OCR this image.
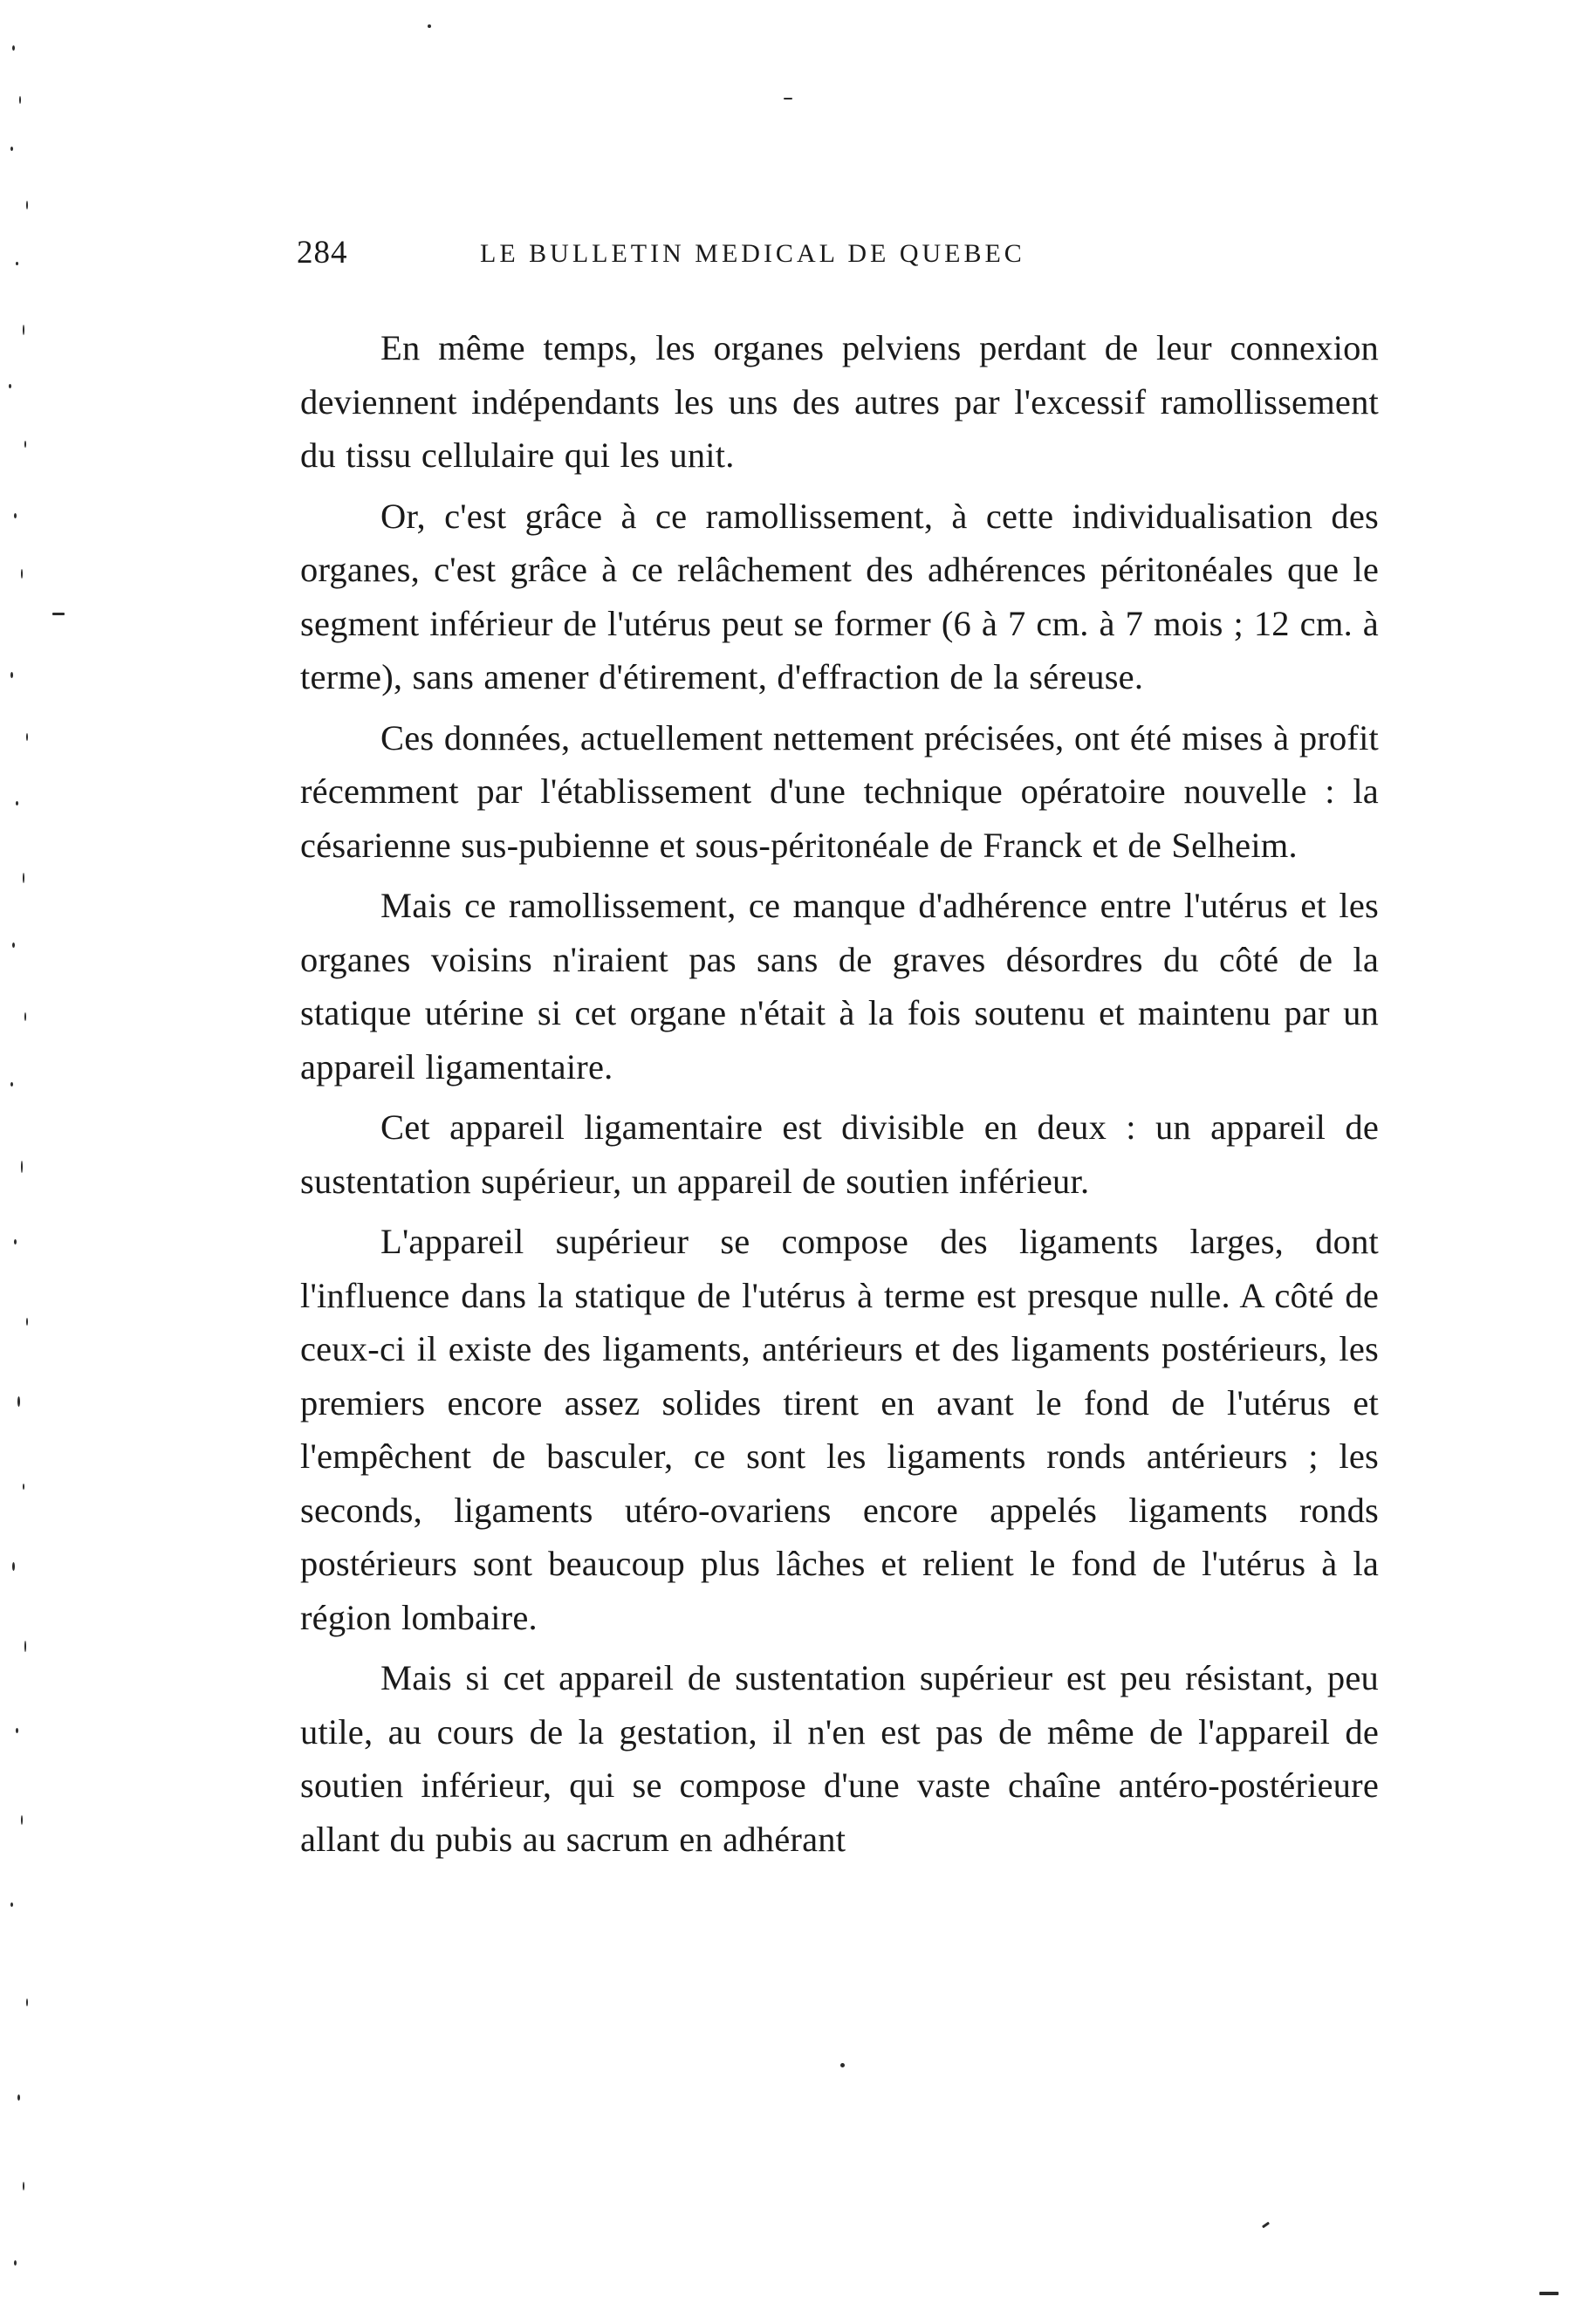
284	LE BULLETIN MEDICAL DE QUEBEC

En même temps, les organes pelviens perdant de leur connexion deviennent indépendants les uns des autres par l'excessif ramollissement du tissu cellulaire qui les unit.

Or, c'est grâce à ce ramollissement, à cette individualisation des organes, c'est grâce à ce relâchement des adhérences péritonéales que le segment inférieur de l'utérus peut se former (6 à 7 cm. à 7 mois ; 12 cm. à terme), sans amener d'étirement, d'effraction de la séreuse.

Ces données, actuellement nettement précisées, ont été mises à profit récemment par l'établissement d'une technique opératoire nouvelle : la césarienne sus-pubienne et sous-péritonéale de Franck et de Selheim.

Mais ce ramollissement, ce manque d'adhérence entre l'utérus et les organes voisins n'iraient pas sans de graves désordres du côté de la statique utérine si cet organe n'était à la fois soutenu et maintenu par un appareil ligamentaire.

Cet appareil ligamentaire est divisible en deux : un appareil de sustentation supérieur, un appareil de soutien inférieur.

L'appareil supérieur se compose des ligaments larges, dont l'influence dans la statique de l'utérus à terme est presque nulle. A côté de ceux-ci il existe des ligaments, antérieurs et des ligaments postérieurs, les premiers encore assez solides tirent en avant le fond de l'utérus et l'empêchent de basculer, ce sont les ligaments ronds antérieurs ; les seconds, ligaments utéro-ovariens encore appelés ligaments ronds postérieurs sont beaucoup plus lâches et relient le fond de l'utérus à la région lombaire.

Mais si cet appareil de sustentation supérieur est peu résistant, peu utile, au cours de la gestation, il n'en est pas de même de l'appareil de soutien inférieur, qui se compose d'une vaste chaîne antéro-postérieure allant du pubis au sacrum en adhérant
